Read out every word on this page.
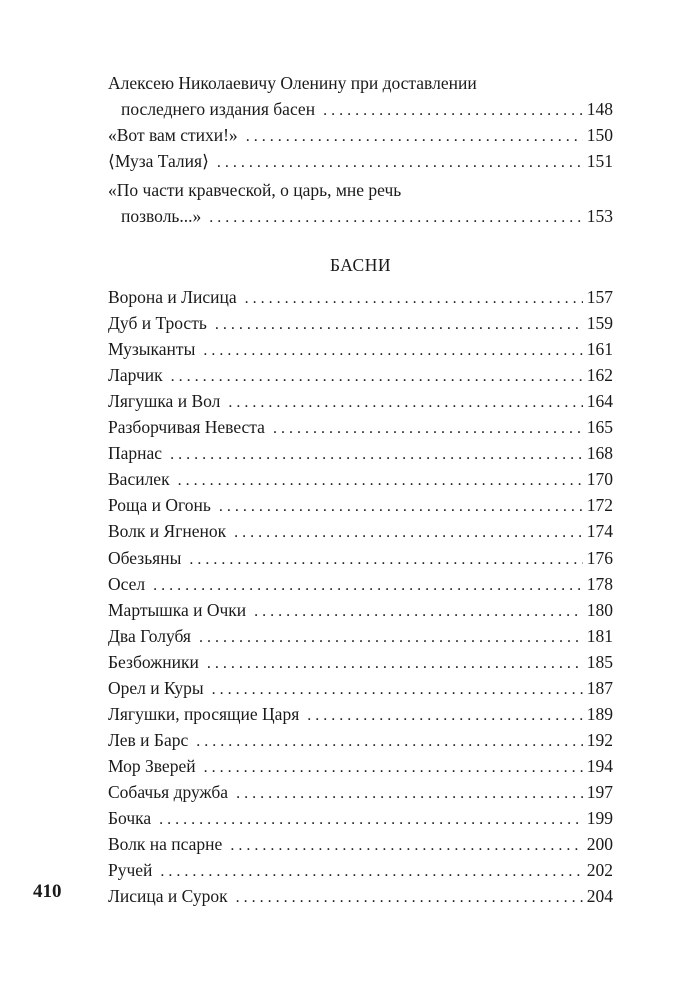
Алексею Николаевичу Оленину при доставлении
последнего издания басен . . .	148
«Вот вам стихи!» . . .	150
⟨Муза Талия⟩ . . .	151
«По части кравческой, о царь, мне речь
позволь...» . . .	153
БАСНИ
Ворона и Лисица . . .	157
Дуб и Трость . . .	159
Музыканты . . .	161
Ларчик . . .	162
Лягушка и Вол . . .	164
Разборчивая Невеста . . .	165
Парнас . . .	168
Василек . . .	170
Роща и Огонь . . .	172
Волк и Ягненок . . .	174
Обезьяны . . .	176
Осел . . .	178
Мартышка и Очки . . .	180
Два Голубя . . .	181
Безбожники . . .	185
Орел и Куры . . .	187
Лягушки, просящие Царя . . .	189
Лев и Барс . . .	192
Мор Зверей . . .	194
Собачья дружба . . .	197
Бочка . . .	199
Волк на псарне . . .	200
Ручей . . .	202
Лисица и Сурок . . .	204
410
